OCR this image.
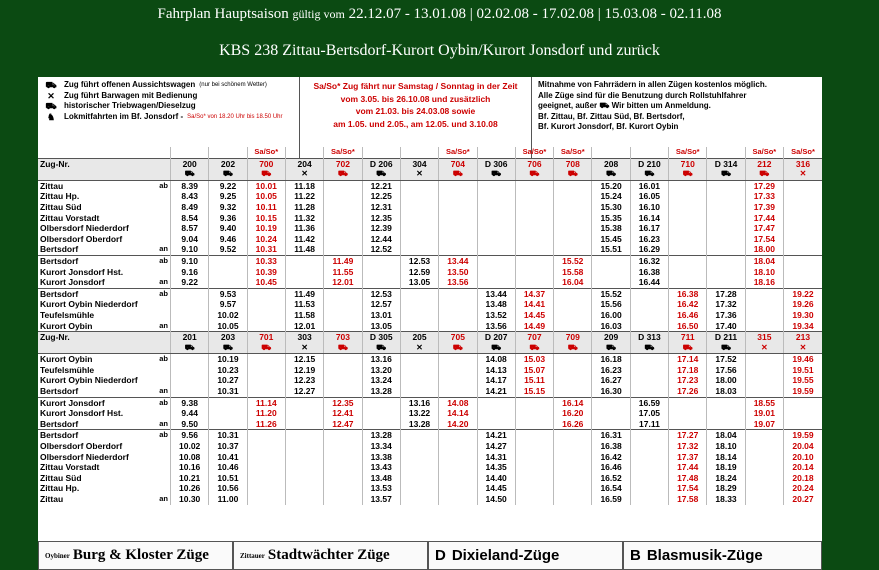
Fahrplan Hauptsaison gültig vom 22.12.07 - 13.01.08 | 02.02.08 - 17.02.08 | 15.03.08 - 02.11.08
KBS 238 Zittau-Bertsdorf-Kurort Oybin/Kurort Jonsdorf und zurück
⛟ Zug führt offenen Aussichtswagen (nur bei schönem Wetter)
✕	Zug führt Barwagen mit Bedienung
⛟ historischer Triebwagen/Dieselzug
♞	Lokmitfahrten im Bf. Jonsdorf - Sa/So* von 18.20 Uhr bis 18.50 Uhr
Sa/So* Zug fährt nur Samstag / Sonntag in der Zeit
vom 3.05. bis 26.10.08 und zusätzlich
vom 21.03. bis 24.03.08 sowie
am 1.05. und 2.05., am 12.05. und 3.10.08
Mitnahme von Fahrrädern in allen Zügen kostenlos möglich.
Alle Züge sind für die Benutzung durch Rollstuhlfahrer
geeignet, außer ⛟ Wir bitten um Anmeldung.
Bf. Zittau, Bf. Zittau Süd, Bf. Bertsdorf,
Bf. Kurort Jonsdorf, Bf. Kurort Oybin
				Sa/So*		Sa/So*			Sa/So*		Sa/So*	Sa/So*			Sa/So*		Sa/So*	Sa/So*
Zug-Nr.		200	202	700	204	702	D 206	304	704	D 306	706	708	208	D 210	710	D 314	212	316
		⛟	⛟	⛟	✕	⛟	⛟	✕	⛟	⛟	⛟	⛟	⛟	⛟	⛟	⛟	⛟	✕
Zittau	ab	8.39	9.22	10.01	11.18		12.21						15.20	16.01			17.29	
Zittau Hp.		8.43	9.25	10.05	11.22		12.25						15.24	16.05			17.33	
Zittau Süd		8.49	9.32	10.11	11.28		12.31						15.30	16.10			17.39	
Zittau Vorstadt		8.54	9.36	10.15	11.32		12.35						15.35	16.14			17.44	
Olbersdorf Niederdorf		8.57	9.40	10.19	11.36		12.39						15.38	16.17			17.47	
Olbersdorf Oberdorf		9.04	9.46	10.24	11.42		12.44						15.45	16.23			17.54	
Bertsdorf	an	9.10	9.52	10.31	11.48		12.52						15.51	16.29			18.00	
Bertsdorf	ab	9.10		10.33		11.49		12.53	13.44			15.52		16.32			18.04	
Kurort Jonsdorf Hst.		9.16		10.39		11.55		12.59	13.50			15.58		16.38			18.10	
Kurort Jonsdorf	an	9.22		10.45		12.01		13.05	13.56			16.04		16.44			18.16	
Bertsdorf	ab		9.53		11.49		12.53			13.44	14.37		15.52		16.38	17.28		19.22
Kurort Oybin Niederdorf			9.57		11.53		12.57			13.48	14.41		15.56		16.42	17.32		19.26
Teufelsmühle			10.02		11.58		13.01			13.52	14.45		16.00		16.46	17.36		19.30
Kurort Oybin	an		10.05		12.01		13.05			13.56	14.49		16.03		16.50	17.40		19.34
Zug-Nr.		201	203	701	303	703	D 305	205	705	D 207	707	709	209	D 313	711	D 211	315	213
		⛟	⛟	⛟	✕	⛟	⛟	✕	⛟	⛟	⛟	⛟	⛟	⛟	⛟	⛟	✕	✕
Kurort Oybin	ab		10.19		12.15		13.16			14.08	15.03		16.18		17.14	17.52		19.46
Teufelsmühle			10.23		12.19		13.20			14.13	15.07		16.23		17.18	17.56		19.51
Kurort Oybin Niederdorf			10.27		12.23		13.24			14.17	15.11		16.27		17.23	18.00		19.55
Bertsdorf	an		10.31		12.27		13.28			14.21	15.15		16.30		17.26	18.03		19.59
Kurort Jonsdorf	ab	9.38		11.14		12.35		13.16	14.08			16.14		16.59			18.55	
Kurort Jonsdorf Hst.		9.44		11.20		12.41		13.22	14.14			16.20		17.05			19.01	
Bertsdorf	an	9.50		11.26		12.47		13.28	14.20			16.26		17.11			19.07	
Bertsdorf	ab	9.56	10.31				13.28			14.21			16.31		17.27	18.04		19.59
Olbersdorf Oberdorf		10.02	10.37				13.34			14.27			16.38		17.32	18.10		20.04
Olbersdorf Niederdorf		10.08	10.41				13.38			14.31			16.42		17.37	18.14		20.10
Zittau Vorstadt		10.16	10.46				13.43			14.35			16.46		17.44	18.19		20.14
Zittau Süd		10.21	10.51				13.48			14.40			16.52		17.48	18.24		20.18
Zittau Hp.		10.26	10.56				13.53			14.45			16.54		17.54	18.29		20.24
Zittau	an	10.30	11.00				13.57			14.50			16.59		17.58	18.33		20.27
Oybiner Burg & Kloster Züge	Zittauer Stadtwächter Züge	D Dixieland-Züge	B Blasmusik-Züge
